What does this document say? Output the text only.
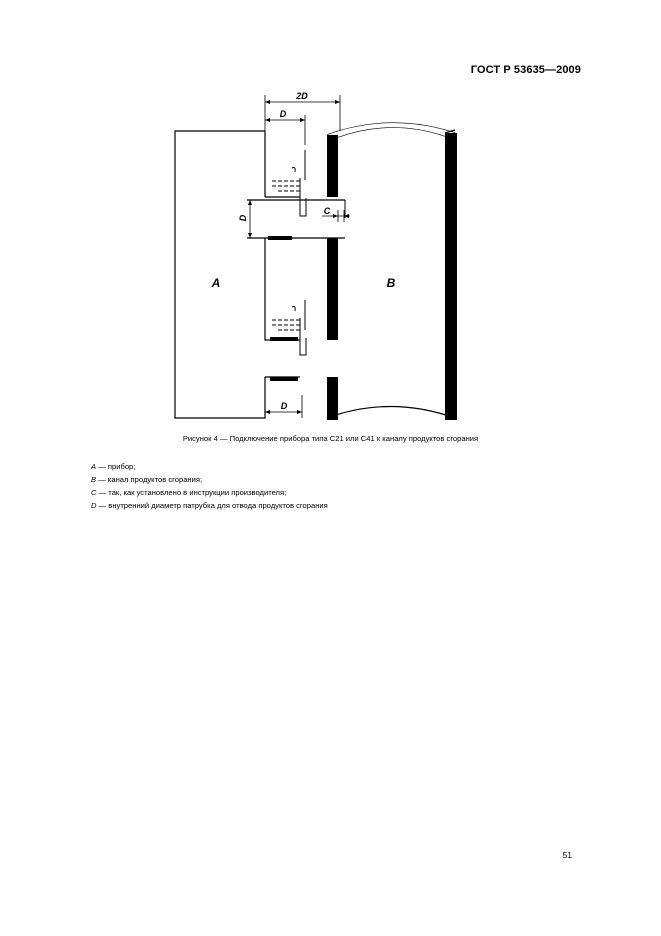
ГОСТ Р 53635—2009
2D
D
D
C
D
A	B
Рисунок 4 — Подключение прибора типа С21 или С41 к каналу продуктов сгорания
А — прибор;
В — канал продуктов сгорания;
С — так, как установлено в инструкции производителя;
D — внутренний диаметр патрубка для отвода продуктов сгорания
51
